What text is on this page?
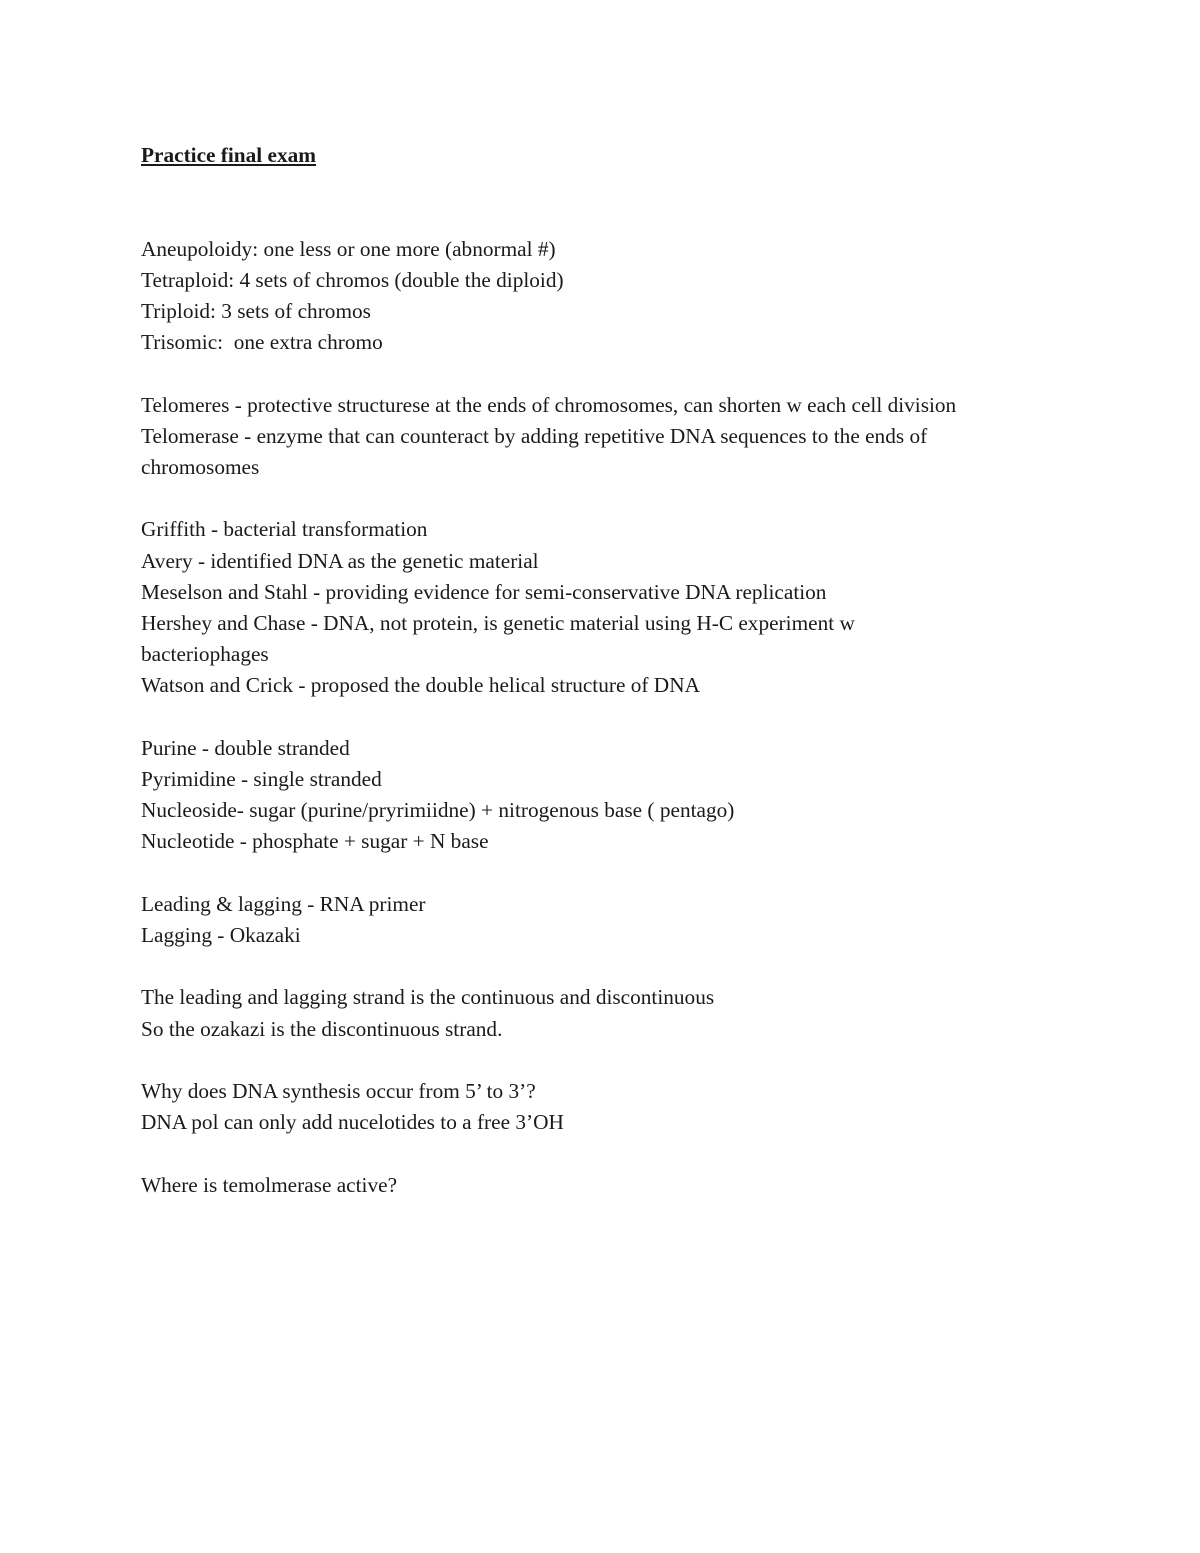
Practice final exam

Aneupoloidy: one less or one more (abnormal #)
Tetraploid: 4 sets of chromos (double the diploid)
Triploid: 3 sets of chromos
Trisomic:  one extra chromo
Telomeres - protective structurese at the ends of chromosomes, can shorten w each cell division
Telomerase - enzyme that can counteract by adding repetitive DNA sequences to the ends of
chromosomes
Griffith - bacterial transformation
Avery - identified DNA as the genetic material
Meselson and Stahl - providing evidence for semi-conservative DNA replication
Hershey and Chase - DNA, not protein, is genetic material using H-C experiment w
bacteriophages
Watson and Crick - proposed the double helical structure of DNA
Purine - double stranded
Pyrimidine - single stranded
Nucleoside- sugar (purine/pryrimiidne) + nitrogenous base ( pentago)
Nucleotide - phosphate + sugar + N base
Leading & lagging - RNA primer
Lagging - Okazaki
The leading and lagging strand is the continuous and discontinuous
So the ozakazi is the discontinuous strand.
Why does DNA synthesis occur from 5’ to 3’?
DNA pol can only add nucelotides to a free 3’OH
Where is temolmerase active?
